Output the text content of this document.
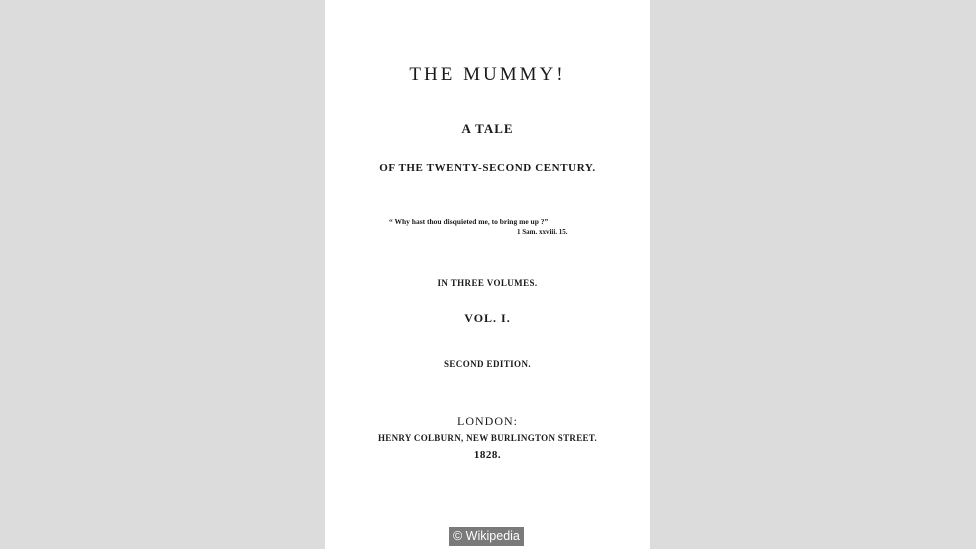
THE MUMMY!
A TALE
OF THE TWENTY-SECOND CENTURY.
“ Why hast thou disquieted me, to bring me up ?”
1 Sam. xxviii. 15.
IN THREE VOLUMES.
VOL. I.
SECOND EDITION.
LONDON:
HENRY COLBURN, NEW BURLINGTON STREET.
1828.
© Wikipedia
